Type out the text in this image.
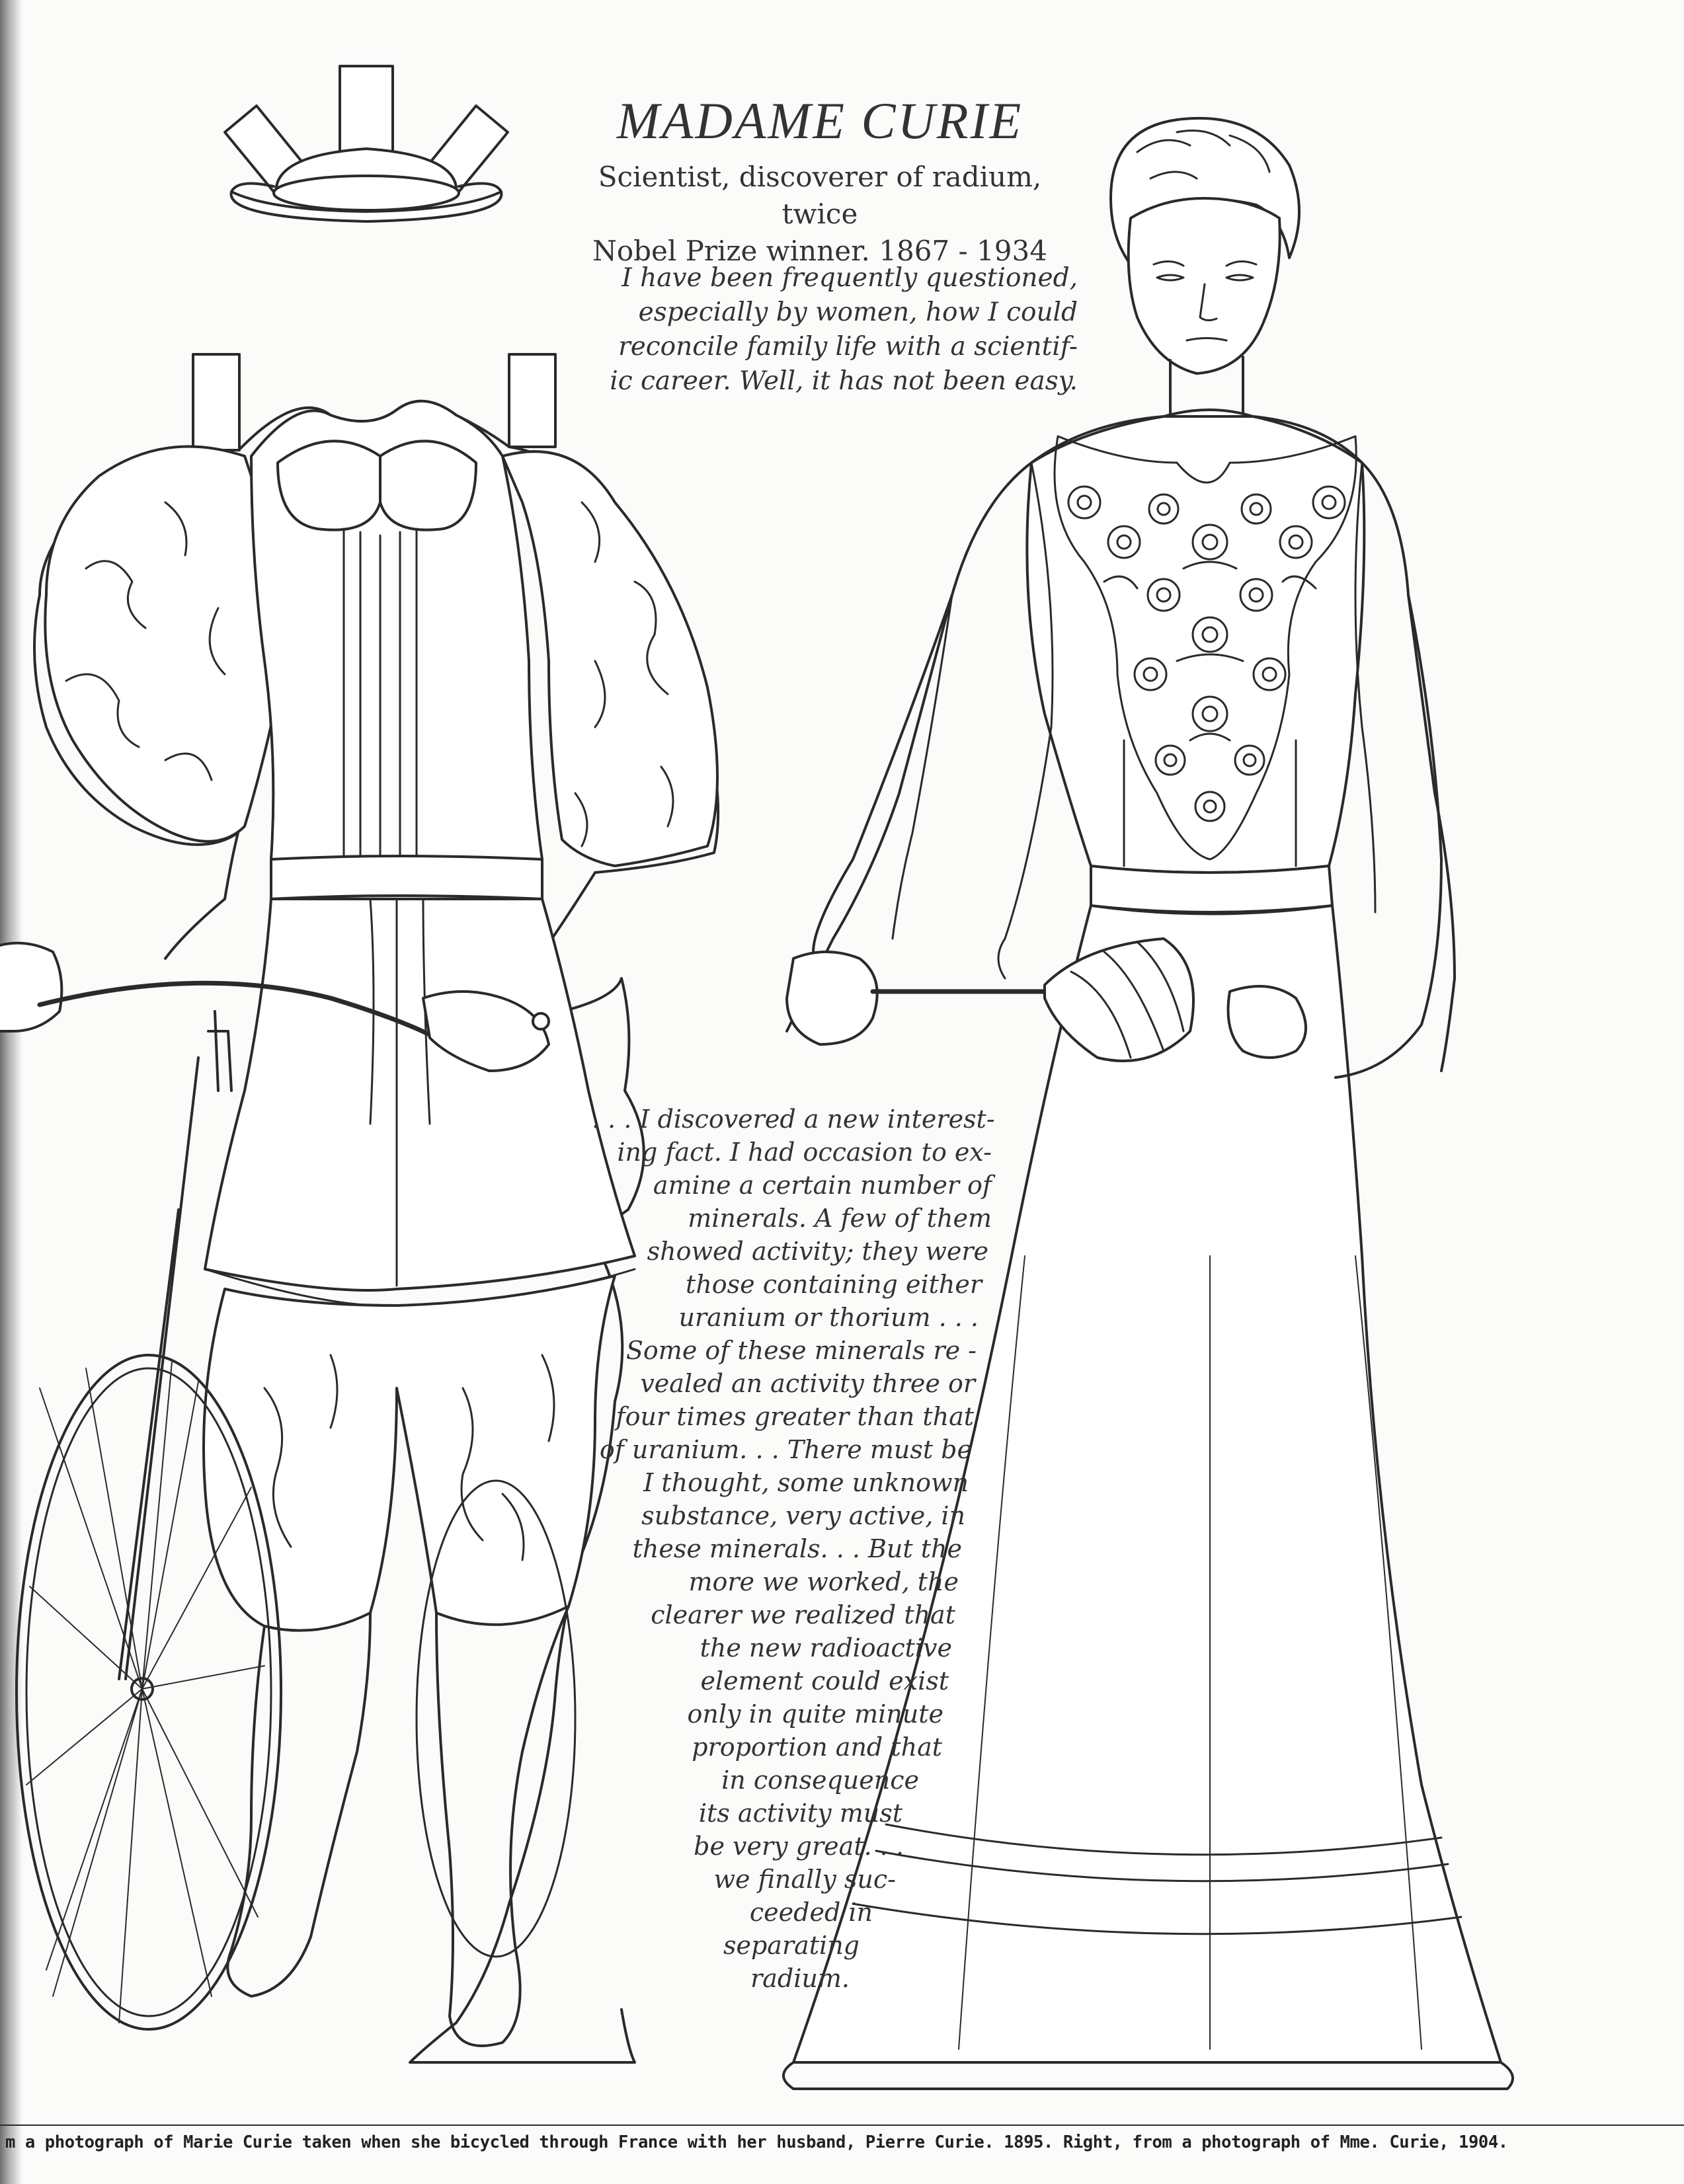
MADAME CURIE
Scientist, discoverer of radium, twice
Nobel Prize winner. 1867 - 1934
I have been frequently questioned,
especially by women, how I could
reconcile family life with a scientif-
ic career. Well, it has not been easy.
. . . I discovered a new interest-
ing fact. I had occasion to ex-
amine a certain number of
minerals. A few of them
showed activity; they were
those containing either
uranium or thorium . . .
Some of these minerals re -
vealed an activity three or
four times greater than that
of uranium. . . There must be
I thought, some unknown
substance, very active, in
these minerals. . . But the
more we worked, the
clearer we realized that
the new radioactive
element could exist
only in quite minute
proportion and that
in consequence
its activity must
be very great. . .
we finally suc-
ceeded in
separating
radium.
m a photograph of Marie Curie taken when she bicycled through France with her husband, Pierre Curie. 1895. Right, from a photograph of Mme. Curie, 1904.
